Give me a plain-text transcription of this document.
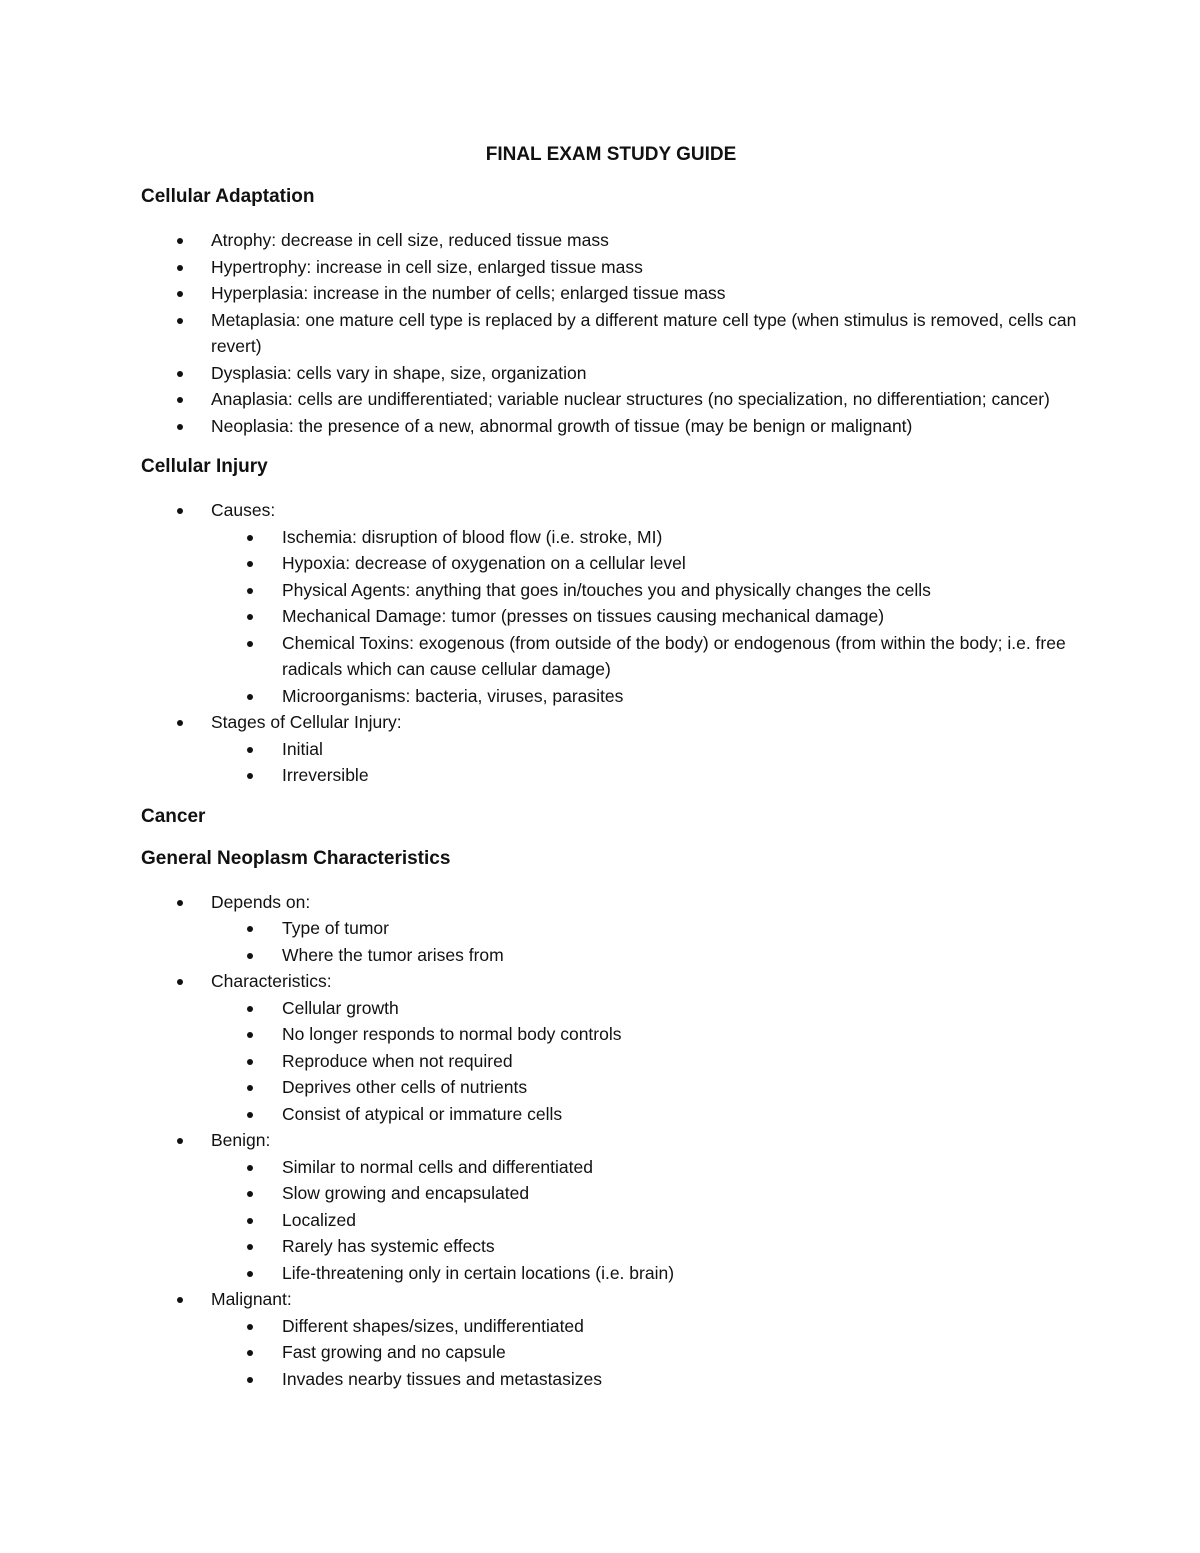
FINAL EXAM STUDY GUIDE
Cellular Adaptation
Atrophy: decrease in cell size, reduced tissue mass
Hypertrophy: increase in cell size, enlarged tissue mass
Hyperplasia: increase in the number of cells; enlarged tissue mass
Metaplasia: one mature cell type is replaced by a different mature cell type (when stimulus is removed, cells can revert)
Dysplasia: cells vary in shape, size, organization
Anaplasia: cells are undifferentiated; variable nuclear structures (no specialization, no differentiation; cancer)
Neoplasia: the presence of a new, abnormal growth of tissue (may be benign or malignant)
Cellular Injury
Causes:
Ischemia: disruption of blood flow (i.e. stroke, MI)
Hypoxia: decrease of oxygenation on a cellular level
Physical Agents: anything that goes in/touches you and physically changes the cells
Mechanical Damage: tumor (presses on tissues causing mechanical damage)
Chemical Toxins: exogenous (from outside of the body) or endogenous (from within the body; i.e. free radicals which can cause cellular damage)
Microorganisms: bacteria, viruses, parasites
Stages of Cellular Injury:
Initial
Irreversible
Cancer
General Neoplasm Characteristics
Depends on:
Type of tumor
Where the tumor arises from
Characteristics:
Cellular growth
No longer responds to normal body controls
Reproduce when not required
Deprives other cells of nutrients
Consist of atypical or immature cells
Benign:
Similar to normal cells and differentiated
Slow growing and encapsulated
Localized
Rarely has systemic effects
Life-threatening only in certain locations (i.e. brain)
Malignant:
Different shapes/sizes, undifferentiated
Fast growing and no capsule
Invades nearby tissues and metastasizes
